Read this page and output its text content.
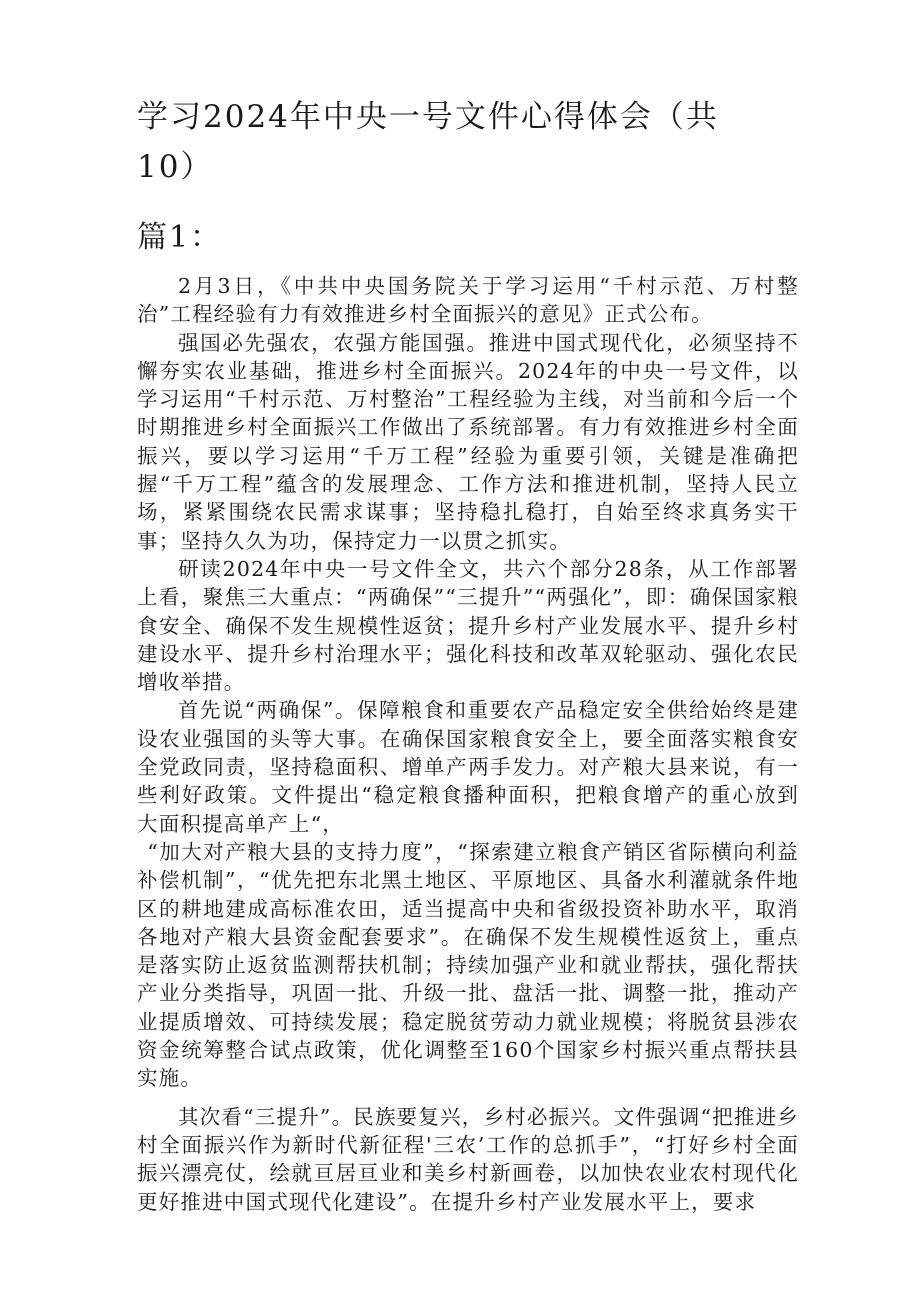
学习2024年中央一号文件心得体会（共10）
篇1：

2月3日，《中共中央国务院关于学习运用“千村示范、万村整治”工程经验有力有效推进乡村全面振兴的意见》正式公布。

强国必先强农，农强方能国强。推进中国式现代化，必须坚持不懈夯实农业基础，推进乡村全面振兴。2024年的中央一号文件，以学习运用“千村示范、万村整治”工程经验为主线，对当前和今后一个时期推进乡村全面振兴工作做出了系统部署。有力有效推进乡村全面振兴，要以学习运用“千万工程”经验为重要引领，关键是准确把握“千万工程”蕴含的发展理念、工作方法和推进机制，坚持人民立场，紧紧围绕农民需求谋事；坚持稳扎稳打，自始至终求真务实干事；坚持久久为功，保持定力一以贯之抓实。

研读2024年中央一号文件全文，共六个部分28条，从工作部署上看，聚焦三大重点：“两确保”“三提升”“两强化”，即：确保国家粮食安全、确保不发生规模性返贫；提升乡村产业发展水平、提升乡村建设水平、提升乡村治理水平；强化科技和改革双轮驱动、强化农民增收举措。

首先说“两确保”。保障粮食和重要农产品稳定安全供给始终是建设农业强国的头等大事。在确保国家粮食安全上，要全面落实粮食安全党政同责，坚持稳面积、增单产两手发力。对产粮大县来说，有一些利好政策。文件提出“稳定粮食播种面积，把粮食增产的重心放到大面积提高单产上“，

“加大对产粮大县的支持力度”，“探索建立粮食产销区省际横向利益补偿机制”，“优先把东北黑土地区、平原地区、具备水利灌就条件地区的耕地建成高标准农田，适当提高中央和省级投资补助水平，取消各地对产粮大县资金配套要求”。在确保不发生规模性返贫上，重点是落实防止返贫监测帮扶机制；持续加强产业和就业帮扶，强化帮扶产业分类指导，巩固一批、升级一批、盘活一批、调整一批，推动产业提质增效、可持续发展；稳定脱贫劳动力就业规模；将脱贫县涉农资金统筹整合试点政策，优化调整至160个国家乡村振兴重点帮扶县实施。

其次看“三提升”。民族要复兴，乡村必振兴。文件强调“把推进乡村全面振兴作为新时代新征程'三农’工作的总抓手”，“打好乡村全面振兴漂亮仗，绘就亘居亘业和美乡村新画卷，以加快农业农村现代化更好推进中国式现代化建设”。在提升乡村产业发展水平上，要求
